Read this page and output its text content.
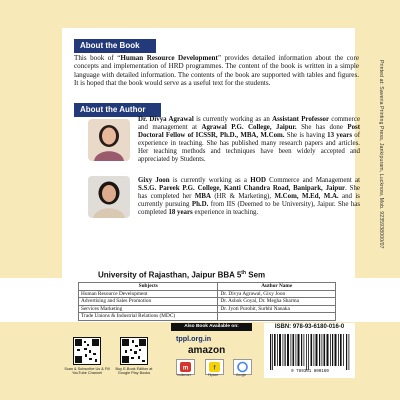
Printed at: Saveria Printing Press, Jankipuram, Lucknow, Mob. 9235938000/07
About the Book
This book of “Human Resource Development” provides detailed information about the core concepts and implementation of HRD programmes. The content of the book is written in a simple language with detailed information. The contents of the book are supported with tables and figures. It is hoped that the book would serve as a useful text for the students.
About the Author
Dr. Divya Agrawal is currently working as an Assistant Professor commerce and management at Agrawal P.G. College, Jaipur. She has done Post Doctoral Fellow of ICSSR, Ph.D., MBA, M.Com. She is having 13 years of experience in teaching. She has published many research papers and articles. Her teaching methods and techniques have been widely accepted and appreciated by Students.
Gixy Joon is currently working as a HOD Commerce and Management at S.S.G. Pareek P.G. College, Kanti Chandra Road, Banipark, Jaipur. She has completed her MBA (HR & Marketing), M.Com, M.Ed, M.A. and is currently pursuing Ph.D. from IIS (Deemed to be University), Jaipur. She has completed 18 years experience in teaching.
University of Rajasthan, Jaipur BBA 5th Sem
Subjects	Author Name
Human Resource Development	Dr. Divya Agrawal, Gixy Joon
Advertising and Sales Promotion	Dr. Ashok Goyal, Dr. Megha Sharma
Services Marketing	Dr. Jyoti Purohit, Surbhi Nanaka
Trade Unions & Industrial Relations (MDC)	
Scan & Subscribe Us & Fill YouTube Channel
Buy E-Book Edition at Google Play Books
Also Book Available on:
tppl.org.in
amazon
m
Indiamart
f
Flipkart	Google
ISBN: 978-93-6180-016-0
9 789361 800160
